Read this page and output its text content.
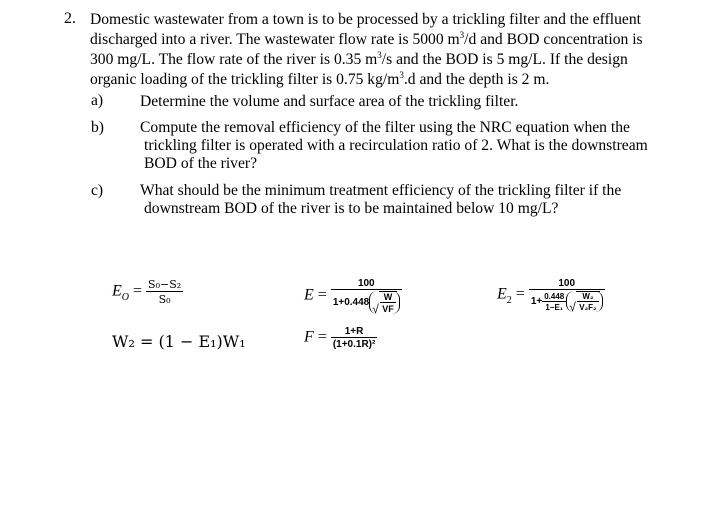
2. Domestic wastewater from a town is to be processed by a trickling filter and the effluent
discharged into a river. The wastewater flow rate is 5000 $m^3/d$ and BOD concentration is
300 mg/L. The flow rate of the river is 0.35 $m^3/s$ and the BOD is 5 mg/L. If the design
organic loading of the trickling filter is 0.75 $kg/m^3.d$ and the depth is 2 m.
a) Determine the volume and surface area of the trickling filter.
b) Compute the removal efficiency of the filter using the NRC equation when the

trickling filter is operated with a recirculation ratio of 2. What is the downstream
BOD of the river?
c) What should be the minimum treatment efficiency of the trickling filter if the

downstream BOD of the river is to be maintained below 10 mg/L?
$E_O = \frac{\text{S₀−S₂}}{\text{S₀}}$
W₂ = (1 − E₁)W₁
E = 100
1+0.448
√ $\frac{W}{VF}$
$F = \frac{1+R}{\text{(1+0.1R)²}}$
$E_2 = 100$
$1+ \frac{0.448}{\text{1−E₁}}$
√ $\frac{\text{W₂}}{\text{V₂F₂}}$
